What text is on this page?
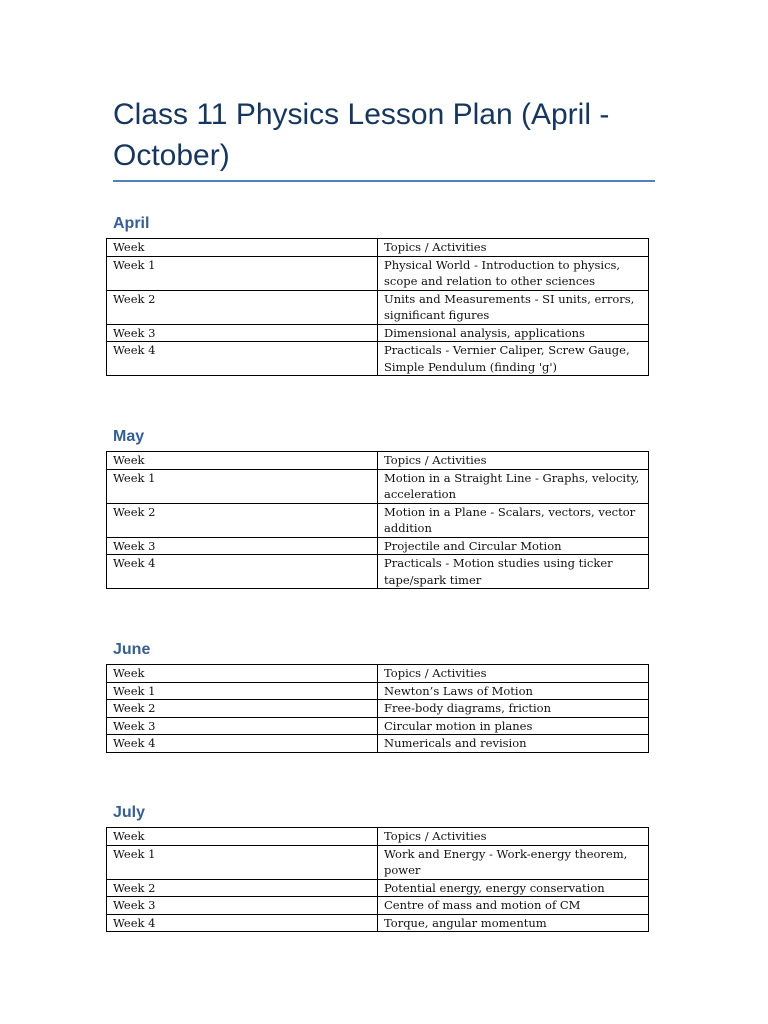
Class 11 Physics Lesson Plan (April - October)
April
Week	Topics / Activities
Week 1	Physical World - Introduction to physics, scope and relation to other sciences
Week 2	Units and Measurements - SI units, errors, significant figures
Week 3	Dimensional analysis, applications
Week 4	Practicals - Vernier Caliper, Screw Gauge, Simple Pendulum (finding 'g')
May
Week	Topics / Activities
Week 1	Motion in a Straight Line - Graphs, velocity, acceleration
Week 2	Motion in a Plane - Scalars, vectors, vector addition
Week 3	Projectile and Circular Motion
Week 4	Practicals - Motion studies using ticker tape/spark timer
June
Week	Topics / Activities
Week 1	Newton’s Laws of Motion
Week 2	Free-body diagrams, friction
Week 3	Circular motion in planes
Week 4	Numericals and revision
July
Week	Topics / Activities
Week 1	Work and Energy - Work-energy theorem, power
Week 2	Potential energy, energy conservation
Week 3	Centre of mass and motion of CM
Week 4	Torque, angular momentum
